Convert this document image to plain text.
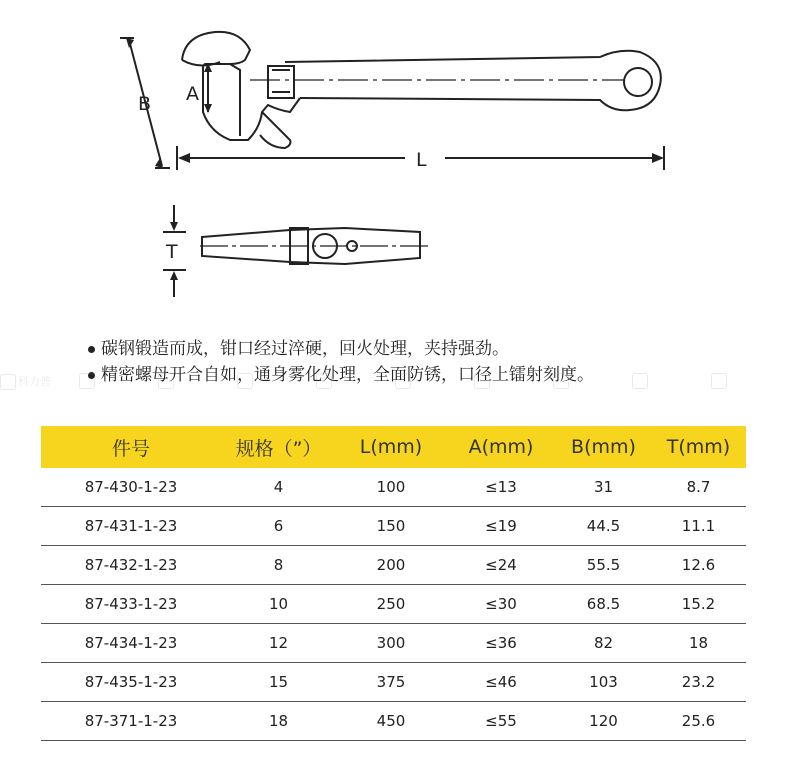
B A
L
T
碳钢锻造而成，钳口经过淬硬，回火处理，夹持强劲。
精密螺母开合自如，通身雾化处理，全面防锈，口径上镭射刻度。
科力普
件号	规格（”）	L(mm)	A(mm)	B(mm)	T(mm)
87-430-1-23	4	100	≤13	31	8.7
87-431-1-23	6	150	≤19	44.5	11.1
87-432-1-23	8	200	≤24	55.5	12.6
87-433-1-23	10	250	≤30	68.5	15.2
87-434-1-23	12	300	≤36	82	18
87-435-1-23	15	375	≤46	103	23.2
87-371-1-23	18	450	≤55	120	25.6
